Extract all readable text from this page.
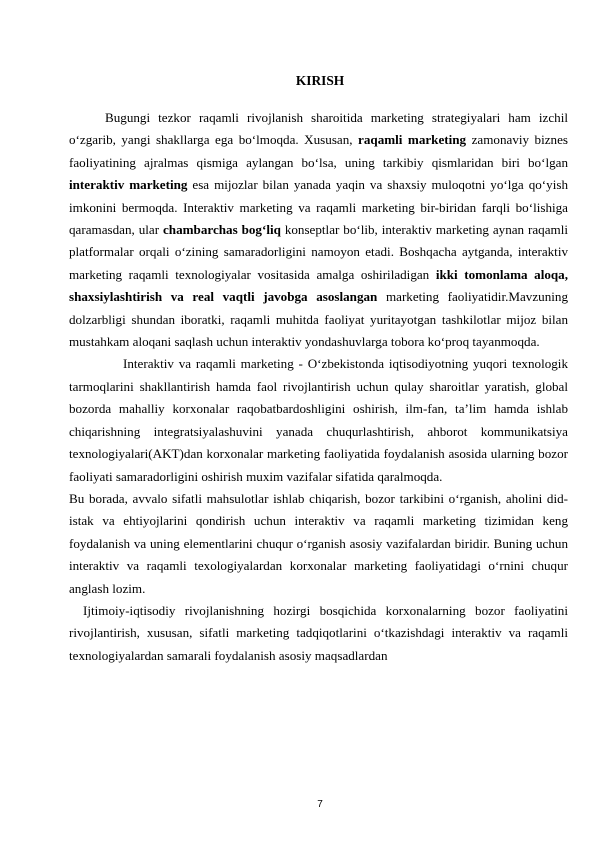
KIRISH

Bugungi tezkor raqamli rivojlanish sharoitida marketing strategiyalari ham izchil o‘zgarib, yangi shakllarga ega bo‘lmoqda. Xususan, raqamli marketing zamonaviy biznes faoliyatining ajralmas qismiga aylangan bo‘lsa, uning tarkibiy qismlaridan biri bo‘lgan interaktiv marketing esa mijozlar bilan yanada yaqin va shaxsiy muloqotni yo‘lga qo‘yish imkonini bermoqda. Interaktiv marketing va raqamli marketing bir-biridan farqli bo‘lishiga qaramasdan, ular chambarchas bog‘liq konseptlar bo‘lib, interaktiv marketing aynan raqamli platformalar orqali o‘zining samaradorligini namoyon etadi. Boshqacha aytganda, interaktiv marketing raqamli texnologiyalar vositasida amalga oshiriladigan ikki tomonlama aloqa, shaxsiylashtirish va real vaqtli javobga asoslangan marketing faoliyatidir.Mavzuning dolzarbligi shundan iboratki, raqamli muhitda faoliyat yuritayotgan tashkilotlar mijoz bilan mustahkam aloqani saqlash uchun interaktiv yondashuvlarga tobora ko‘proq tayanmoqda.

Interaktiv va raqamli marketing - O‘zbekistonda iqtisodiyotning yuqori texnologik tarmoqlarini shakllantirish hamda faol rivojlantirish uchun qulay sharoitlar yaratish, global bozorda mahalliy korxonalar raqobatbardoshligini oshirish, ilm-fan, ta’lim hamda ishlab chiqarishning integratsiyalashuvini yanada chuqurlashtirish, ahborot kommunikatsiya texnologiyalari(AKT)dan korxonalar marketing faoliyatida foydalanish asosida ularning bozor faoliyati samaradorligini oshirish muxim vazifalar sifatida qaralmoqda.

Bu borada, avvalo sifatli mahsulotlar ishlab chiqarish, bozor tarkibini o‘rganish, aholini did-istak va ehtiyojlarini qondirish uchun interaktiv va raqamli marketing tizimidan keng foydalanish va uning elementlarini chuqur o‘rganish asosiy vazifalardan biridir. Buning uchun interaktiv va raqamli texologiyalardan korxonalar marketing faoliyatidagi o‘rnini chuqur anglash lozim.

Ijtimoiy-iqtisodiy rivojlanishning hozirgi bosqichida korxonalarning bozor faoliyatini rivojlantirish, xususan, sifatli marketing tadqiqotlarini o‘tkazishdagi interaktiv va raqamli texnologiyalardan samarali foydalanish asosiy maqsadlardan

7
